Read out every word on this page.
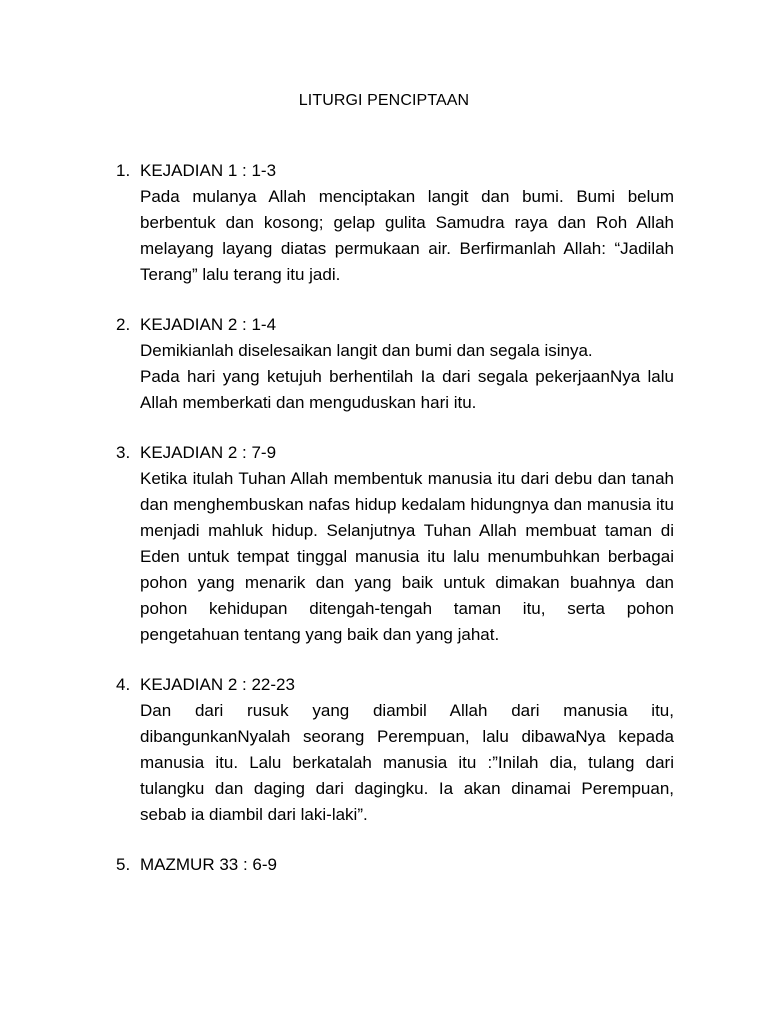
LITURGI PENCIPTAAN
1. KEJADIAN 1 : 1-3
Pada mulanya Allah menciptakan langit dan bumi. Bumi belum berbentuk dan kosong; gelap gulita Samudra raya dan Roh Allah melayang layang diatas permukaan air. Berfirmanlah Allah: “Jadilah Terang” lalu terang itu jadi.
2. KEJADIAN 2 : 1-4
Demikianlah diselesaikan langit dan bumi dan segala isinya.
Pada hari yang ketujuh berhentilah Ia dari segala pekerjaanNya lalu Allah memberkati dan menguduskan hari itu.
3. KEJADIAN 2 : 7-9
Ketika itulah Tuhan Allah membentuk manusia itu dari debu dan tanah dan menghembuskan nafas hidup kedalam hidungnya dan manusia itu menjadi mahluk hidup. Selanjutnya Tuhan Allah membuat taman di Eden untuk tempat tinggal manusia itu lalu menumbuhkan berbagai pohon yang menarik dan yang baik untuk dimakan buahnya dan pohon kehidupan ditengah-tengah taman itu, serta pohon pengetahuan tentang yang baik dan yang jahat.
4. KEJADIAN 2 : 22-23
Dan dari rusuk yang diambil Allah dari manusia itu, dibangunkanNyalah seorang Perempuan, lalu dibawaNya kepada manusia itu. Lalu berkatalah manusia itu :”Inilah dia, tulang dari tulangku dan daging dari dagingku. Ia akan dinamai Perempuan, sebab ia diambil dari laki-laki”.
5. MAZMUR 33 : 6-9
